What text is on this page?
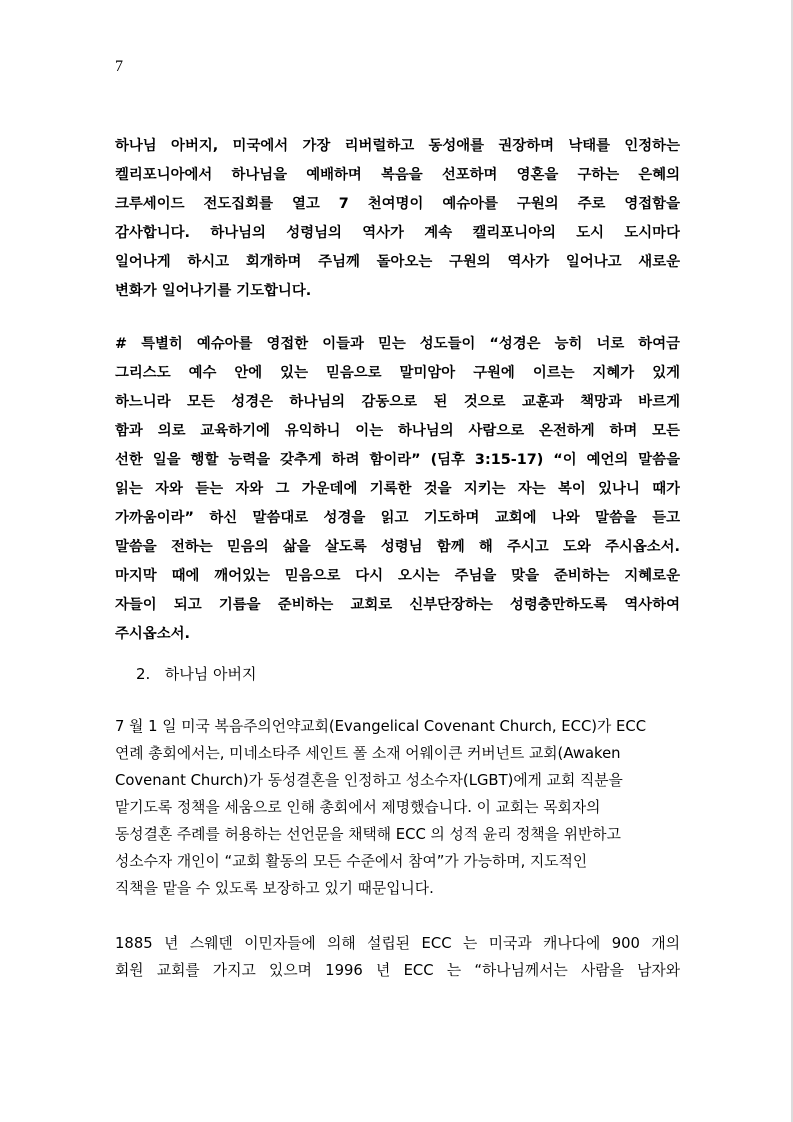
7
하나님 아버지, 미국에서 가장 리버럴하고 동성애를 권장하며 낙태를 인정하는
켈리포니아에서 하나님을 예배하며 복음을 선포하며 영혼을 구하는 은혜의
크루세이드 전도집회를 열고 7 천여명이 예슈아를 구원의 주로 영접함을
감사합니다. 하나님의 성령님의 역사가 계속 캘리포니아의 도시 도시마다
일어나게 하시고 회개하며 주님께 돌아오는 구원의 역사가 일어나고 새로운
변화가 일어나기를 기도합니다.
# 특별히 예슈아를 영접한 이들과 믿는 성도들이 “성경은 능히 너로 하여금
그리스도 예수 안에 있는 믿음으로 말미암아 구원에 이르는 지혜가 있게
하느니라 모든 성경은 하나님의 감동으로 된 것으로 교훈과 책망과 바르게
함과 의로 교육하기에 유익하니 이는 하나님의 사람으로 온전하게 하며 모든
선한 일을 행할 능력을 갖추게 하려 함이라” (딤후 3:15-17) “이 예언의 말씀을
읽는 자와 듣는 자와 그 가운데에 기록한 것을 지키는 자는 복이 있나니 때가
가까움이라” 하신 말씀대로 성경을 읽고 기도하며 교회에 나와 말씀을 듣고
말씀을 전하는 믿음의 삶을 살도록 성령님 함께 해 주시고 도와 주시옵소서.
마지막 때에 깨어있는 믿음으로 다시 오시는 주님을 맞을 준비하는 지혜로운
자들이 되고 기름을 준비하는 교회로 신부단장하는 성령충만하도록 역사하여
주시옵소서.
2. 하나님 아버지
7 월 1 일 미국 복음주의언약교회(Evangelical Covenant Church, ECC)가 ECC
연례 총회에서는, 미네소타주 세인트 폴 소재 어웨이큰 커버넌트 교회(Awaken
Covenant Church)가 동성결혼을 인정하고 성소수자(LGBT)에게 교회 직분을
맡기도록 정책을 세움으로 인해 총회에서 제명했습니다. 이 교회는 목회자의
동성결혼 주례를 허용하는 선언문을 채택해 ECC 의 성적 윤리 정책을 위반하고
성소수자 개인이 “교회 활동의 모든 수준에서 참여”가 가능하며, 지도적인
직책을 맡을 수 있도록 보장하고 있기 때문입니다.
1885 년 스웨덴 이민자들에 의해 설립된 ECC 는 미국과 캐나다에 900 개의
회원 교회를 가지고 있으며 1996 년 ECC 는 “하나님께서는 사람을 남자와
